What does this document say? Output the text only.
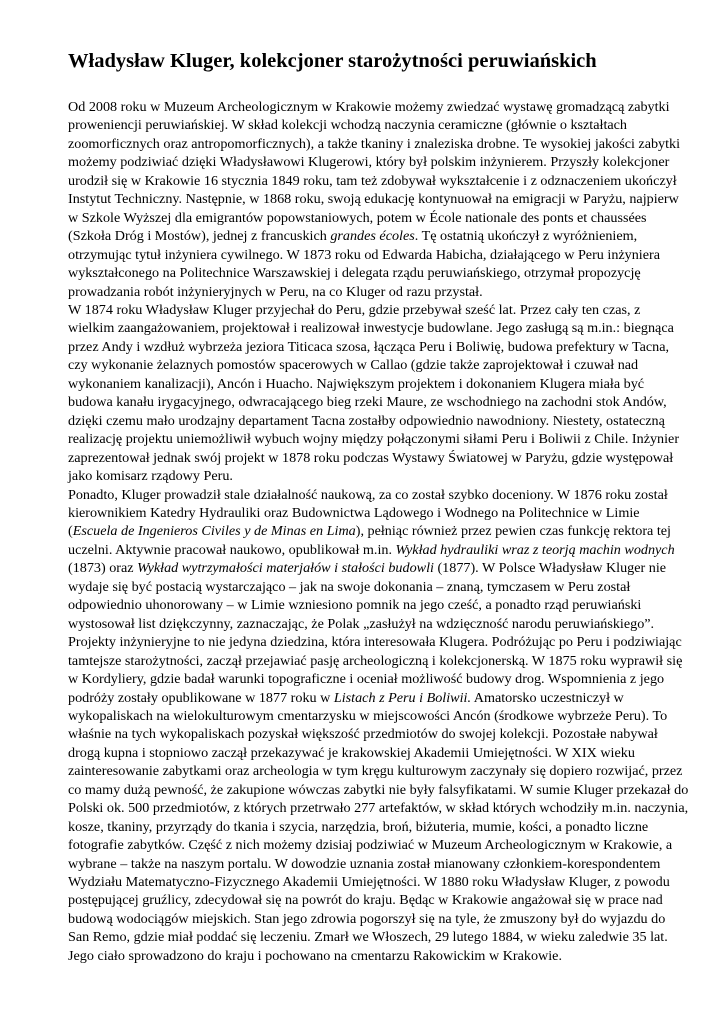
Władysław Kluger, kolekcjoner starożytności peruwiańskich

Od 2008 roku w Muzeum Archeologicznym w Krakowie możemy zwiedzać wystawę gromadzącą zabytki proweniencji peruwiańskiej. W skład kolekcji wchodzą naczynia ceramiczne (głównie o kształtach zoomorficznych oraz antropomorficznych), a także tkaniny i znaleziska drobne. Te wysokiej jakości zabytki możemy podziwiać dzięki Władysławowi Klugerowi, który był polskim inżynierem. Przyszły kolekcjoner urodził się w Krakowie 16 stycznia 1849 roku, tam też zdobywał wykształcenie i z odznaczeniem ukończył Instytut Techniczny. Następnie, w 1868 roku, swoją edukację kontynuował na emigracji w Paryżu, najpierw w Szkole Wyższej dla emigrantów popowstaniowych, potem w École nationale des ponts et chaussées (Szkoła Dróg i Mostów), jednej z francuskich grandes écoles. Tę ostatnią ukończył z wyróżnieniem, otrzymując tytuł inżyniera cywilnego. W 1873 roku od Edwarda Habicha, działającego w Peru inżyniera wykształconego na Politechnice Warszawskiej i delegata rządu peruwiańskiego, otrzymał propozycję prowadzania robót inżynieryjnych w Peru, na co Kluger od razu przystał.

W 1874 roku Władysław Kluger przyjechał do Peru, gdzie przebywał sześć lat. Przez cały ten czas, z wielkim zaangażowaniem, projektował i realizował inwestycje budowlane. Jego zasługą są m.in.: biegnąca przez Andy i wzdłuż wybrzeża jeziora Titicaca szosa, łącząca Peru i Boliwię, budowa prefektury w Tacna, czy wykonanie żelaznych pomostów spacerowych w Callao (gdzie także zaprojektował i czuwał nad wykonaniem kanalizacji), Ancón i Huacho. Największym projektem i dokonaniem Klugera miała być budowa kanału irygacyjnego, odwracającego bieg rzeki Maure, ze wschodniego na zachodni stok Andów, dzięki czemu mało urodzajny departament Tacna zostałby odpowiednio nawodniony. Niestety, ostateczną realizację projektu uniemożliwił wybuch wojny między połączonymi siłami Peru i Boliwii z Chile. Inżynier zaprezentował jednak swój projekt w 1878 roku podczas Wystawy Światowej w Paryżu, gdzie występował jako komisarz rządowy Peru.

Ponadto, Kluger prowadził stale działalność naukową, za co został szybko doceniony. W 1876 roku został kierownikiem Katedry Hydrauliki oraz Budownictwa Lądowego i Wodnego na Politechnice w Limie (Escuela de Ingenieros Civiles y de Minas en Lima), pełniąc również przez pewien czas funkcję rektora tej uczelni. Aktywnie pracował naukowo, opublikował m.in. Wykład hydrauliki wraz z teorją machin wodnych (1873) oraz Wykład wytrzymałości materjałów i stałości budowli (1877). W Polsce Władysław Kluger nie wydaje się być postacią wystarczająco – jak na swoje dokonania – znaną, tymczasem w Peru został odpowiednio uhonorowany – w Limie wzniesiono pomnik na jego cześć, a ponadto rząd peruwiański wystosował list dziękczynny, zaznaczając, że Polak „zasłużył na wdzięczność narodu peruwiańskiego”.

Projekty inżynieryjne to nie jedyna dziedzina, która interesowała Klugera. Podróżując po Peru i podziwiając tamtejsze starożytności, zaczął przejawiać pasję archeologiczną i kolekcjonerską. W 1875 roku wyprawił się w Kordyliery, gdzie badał warunki topograficzne i oceniał możliwość budowy drog. Wspomnienia z jego podróży zostały opublikowane w 1877 roku w Listach z Peru i Boliwii. Amatorsko uczestniczył w wykopaliskach na wielokulturowym cmentarzysku w miejscowości Ancón (środkowe wybrzeże Peru). To właśnie na tych wykopaliskach pozyskał większość przedmiotów do swojej kolekcji. Pozostałe nabywał drogą kupna i stopniowo zaczął przekazywać je krakowskiej Akademii Umiejętności. W XIX wieku zainteresowanie zabytkami oraz archeologia w tym kręgu kulturowym zaczynały się dopiero rozwijać, przez co mamy dużą pewność, że zakupione wówczas zabytki nie były falsyfikatami. W sumie Kluger przekazał do Polski ok. 500 przedmiotów, z których przetrwało 277 artefaktów, w skład których wchodziły m.in. naczynia, kosze, tkaniny, przyrządy do tkania i szycia, narzędzia, broń, biżuteria, mumie, kości, a ponadto liczne fotografie zabytków. Część z nich możemy dzisiaj podziwiać w Muzeum Archeologicznym w Krakowie, a wybrane – także na naszym portalu. W dowodzie uznania został mianowany członkiem-korespondentem Wydziału Matematyczno-Fizycznego Akademii Umiejętności. W 1880 roku Władysław Kluger, z powodu postępującej gruźlicy, zdecydował się na powrót do kraju. Będąc w Krakowie angażował się w prace nad budową wodociągów miejskich. Stan jego zdrowia pogorszył się na tyle, że zmuszony był do wyjazdu do San Remo, gdzie miał poddać się leczeniu. Zmarł we Włoszech, 29 lutego 1884, w wieku zaledwie 35 lat. Jego ciało sprowadzono do kraju i pochowano na cmentarzu Rakowickim w Krakowie.
